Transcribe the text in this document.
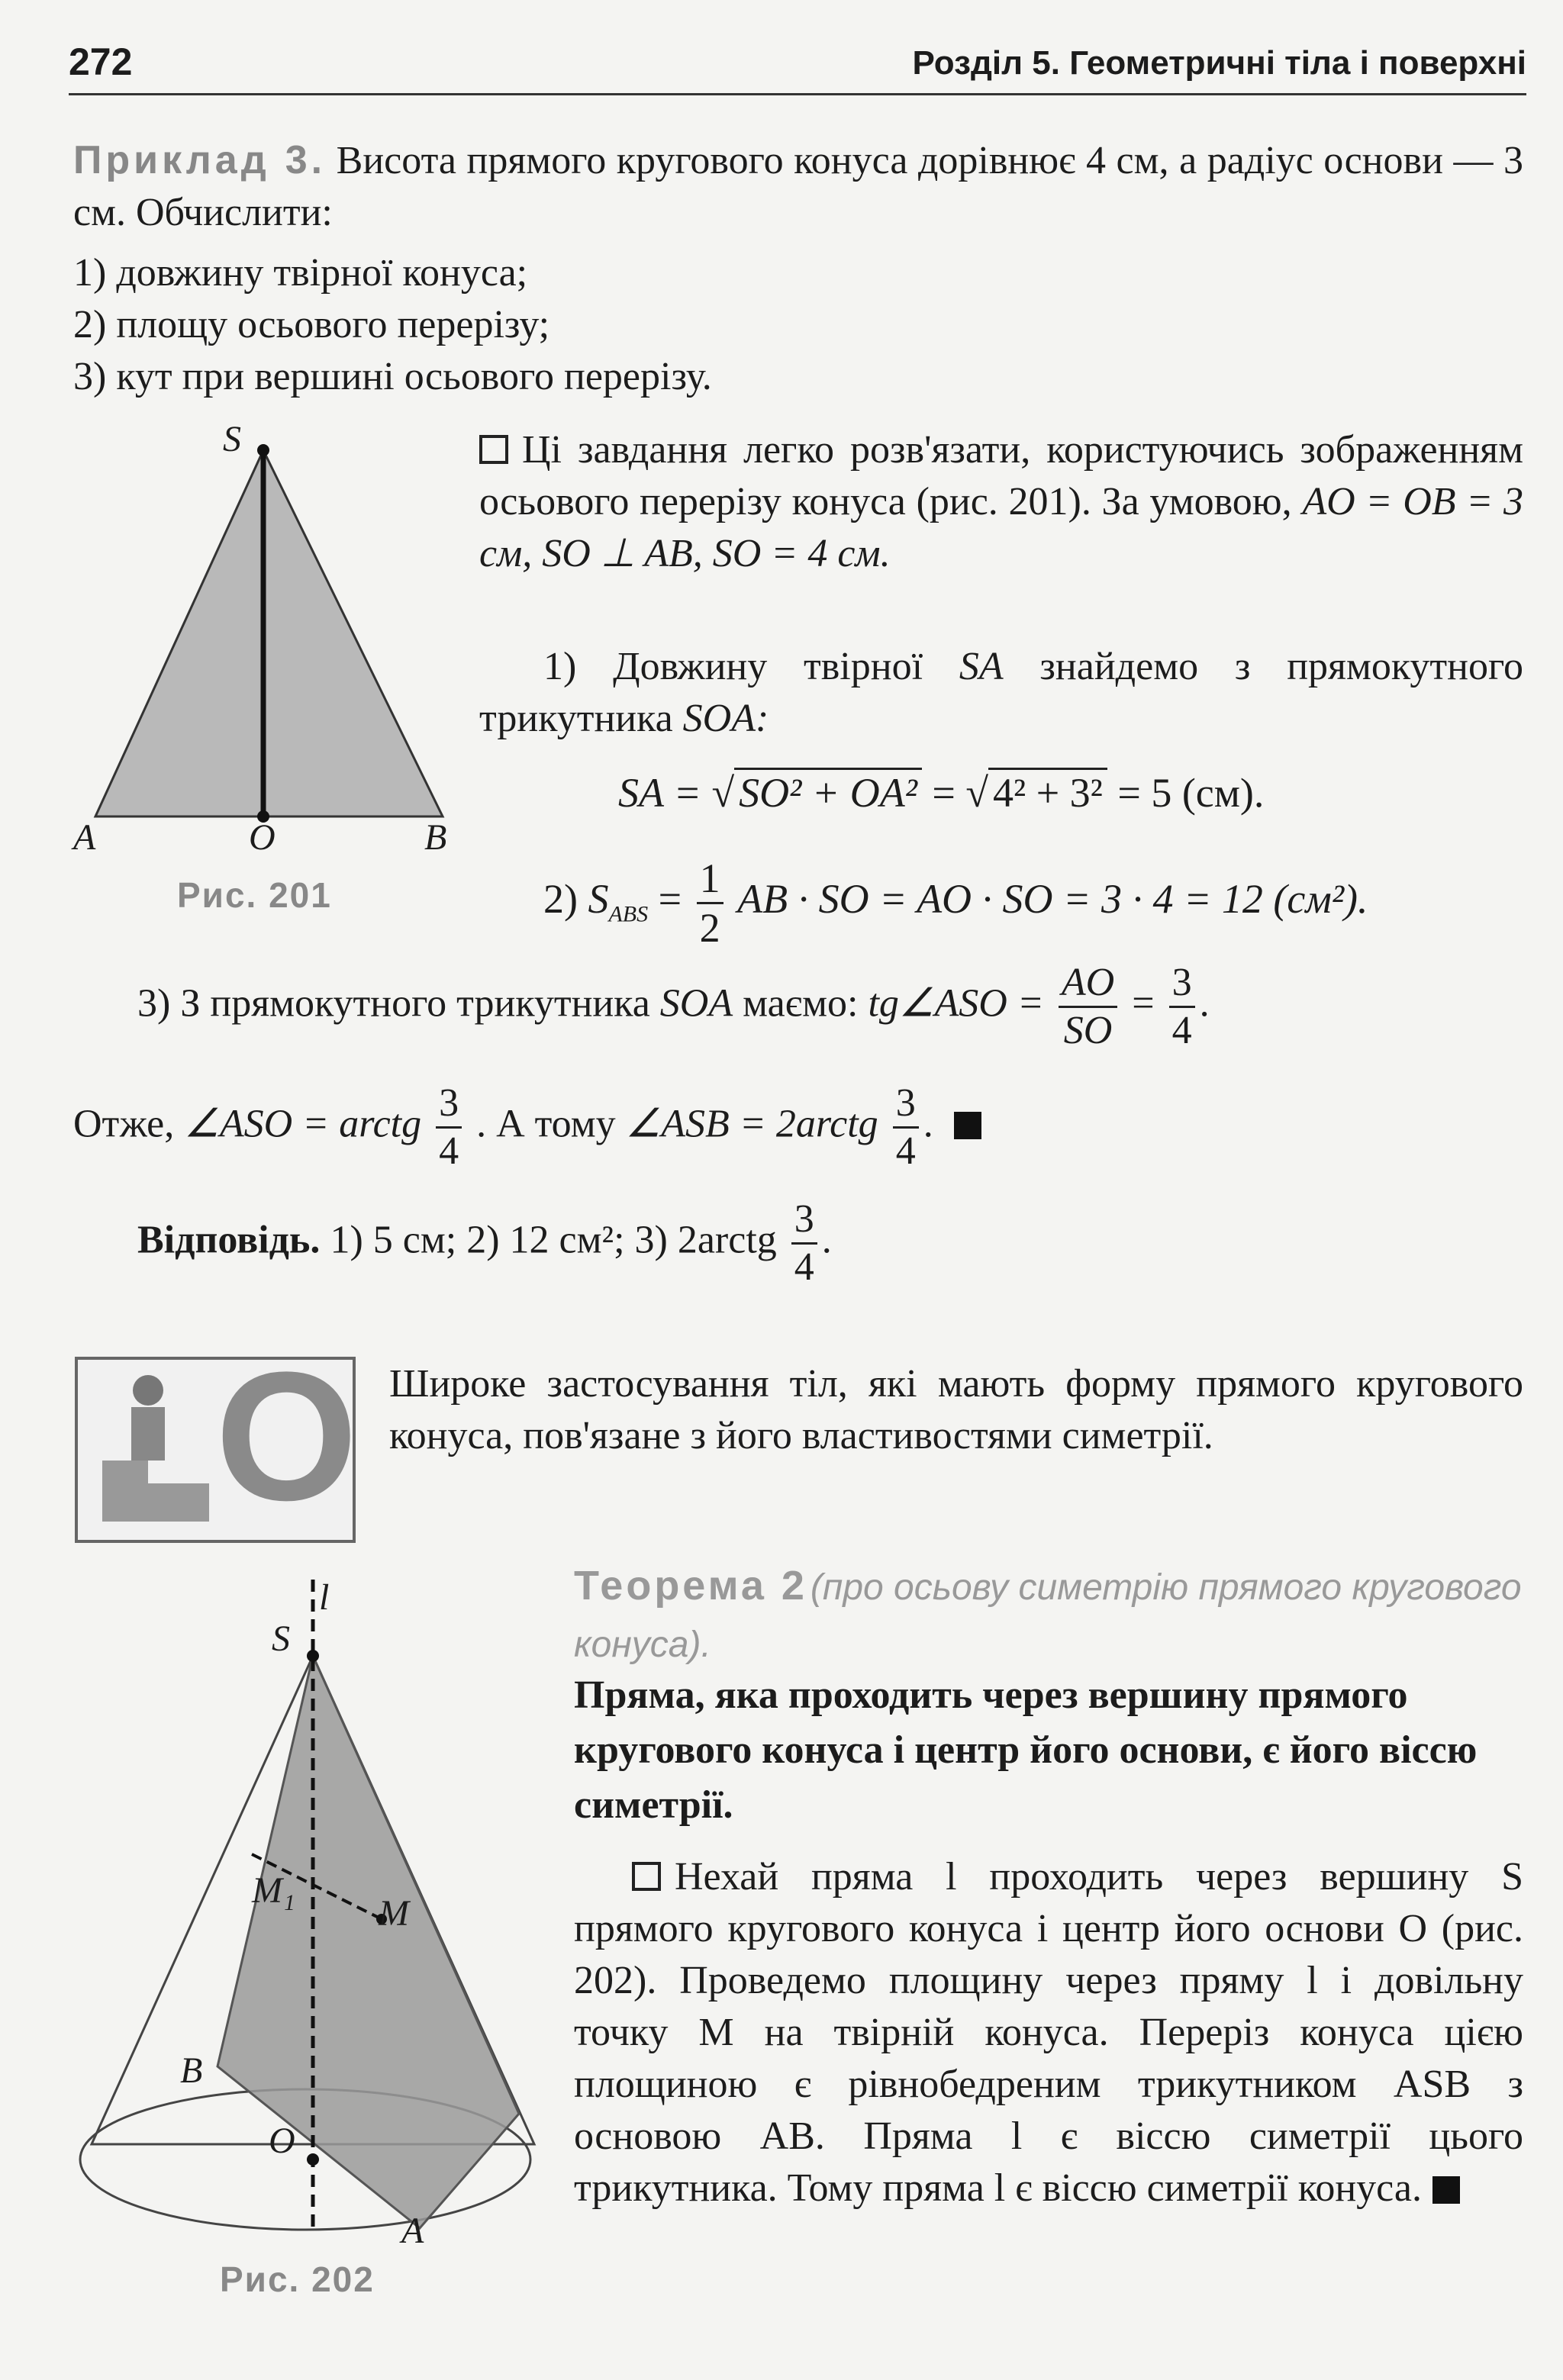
272	Розділ 5. Геометричні тіла і поверхні
Приклад 3. Висота прямого кругового конуса дорівнює 4 см, а радіус основи — 3 см. Обчислити:
1) довжину твірної конуса;
2) площу осьового перерізу;
3) кут при вершині осьового перерізу.
S
A	O	B
Рис. 201
Ці завдання легко розв'язати, користуючись зображенням осьового перерізу конуса (рис. 201). За умовою, AO = OB = 3 см, SO ⊥ AB, SO = 4 см.
1) Довжину твірної SA знайдемо з прямокутного трикутника SOA:
SA = √ SO² + OA² = √ 4² + 3² = 5 (см).
2) $S_{ABS} = \frac{1}{2}$ AB · SO = AO · SO = 3 · 4 = 12 (см²).
3) З прямокутного трикутника SOA маємо: tg∠ASO = $\frac{AO}{SO} = \frac{3}{4}$ .
Отже, ∠ASO = arctg $\frac{3}{4}$ . А тому ∠ASB = 2arctg $\frac{3}{4}$ .
Відповідь. 1) 5 см; 2) 12 см²; 3) 2arctg $\frac{3}{4}$ .
O Широке застосування тіл, які мають форму прямого кругового конуса, пов'язане з його властивостями симетрії.
S
l
M₁
M
B
O
A
Рис. 202
Теорема 2 (про осьову симетрію прямого кругового конуса).
Пряма, яка проходить через вершину прямого кругового конуса і центр його основи, є його віссю симетрії.
Нехай пряма l проходить через вершину S прямого кругового конуса і центр його основи O (рис. 202). Проведемо площину через пряму l і довільну точку M на твірній конуса. Переріз конуса цією площиною є рівнобедреним трикутником ASB з основою AB. Пряма l є віссю симетрії цього трикутника. Тому пряма l є віссю симетрії конуса.
